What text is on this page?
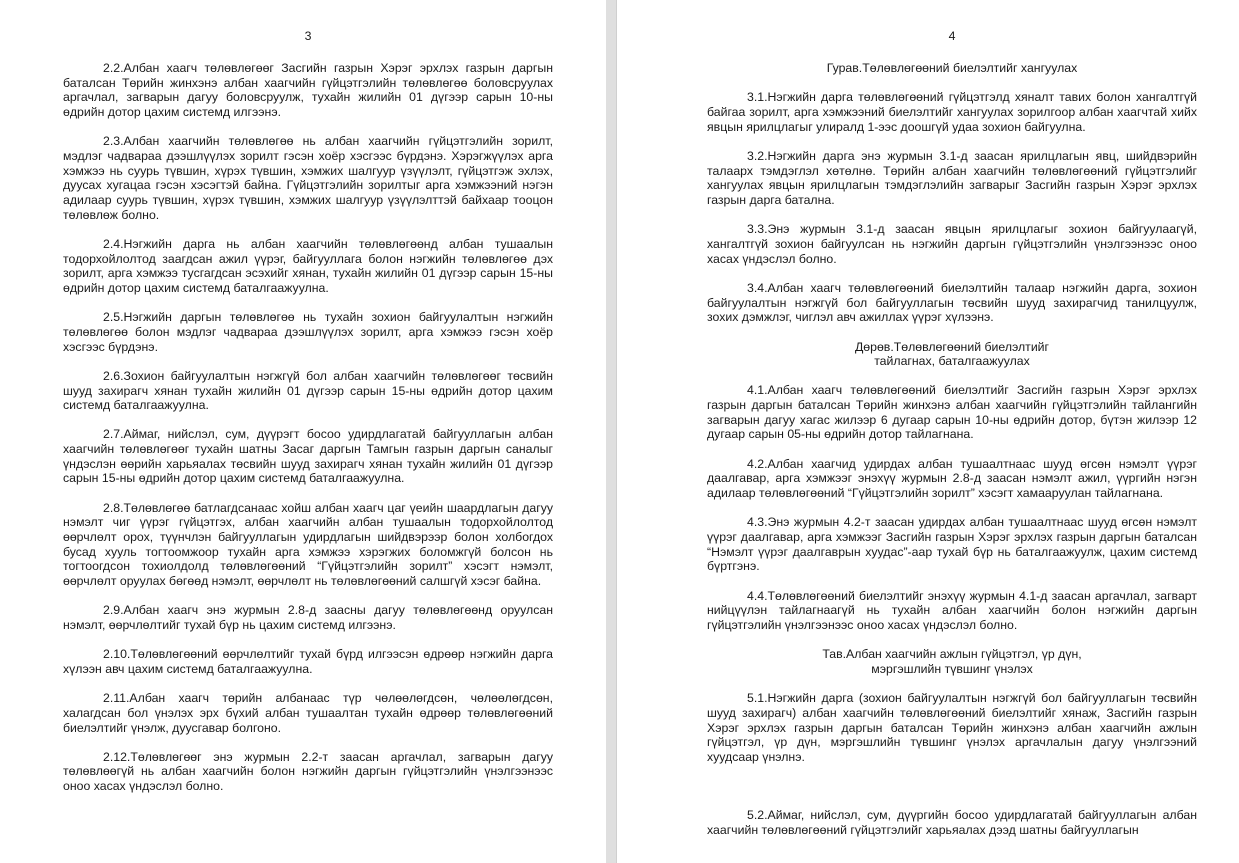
3

2.2.Албан хаагч төлөвлөгөөг Засгийн газрын Хэрэг эрхлэх газрын даргын баталсан Төрийн жинхэнэ албан хаагчийн гүйцэтгэлийн төлөвлөгөө боловсруулах аргачлал, загварын дагуу боловсруулж, тухайн жилийн 01 дүгээр сарын 10-ны өдрийн дотор цахим системд илгээнэ.

2.3.Албан хаагчийн төлөвлөгөө нь албан хаагчийн гүйцэтгэлийн зорилт, мэдлэг чадвараа дээшлүүлэх зорилт гэсэн хоёр хэсгээс бүрдэнэ. Хэрэгжүүлэх арга хэмжээ нь суурь түвшин, хүрэх түвшин, хэмжих шалгуур үзүүлэлт, гүйцэтгэж эхлэх, дуусах хугацаа гэсэн хэсэгтэй байна. Гүйцэтгэлийн зорилтыг арга хэмжээний нэгэн адилаар суурь түвшин, хүрэх түвшин, хэмжих шалгуур үзүүлэлттэй байхаар тооцон төлөвлөж болно.

2.4.Нэгжийн дарга нь албан хаагчийн төлөвлөгөөнд албан тушаалын тодорхойлолтод заагдсан ажил үүрэг, байгууллага болон нэгжийн төлөвлөгөө дэх зорилт, арга хэмжээ тусгагдсан эсэхийг хянан, тухайн жилийн 01 дүгээр сарын 15-ны өдрийн дотор цахим системд баталгаажуулна.

2.5.Нэгжийн даргын төлөвлөгөө нь тухайн зохион байгуулалтын нэгжийн төлөвлөгөө болон мэдлэг чадвараа дээшлүүлэх зорилт, арга хэмжээ гэсэн хоёр хэсгээс бүрдэнэ.

2.6.Зохион байгуулалтын нэгжгүй бол албан хаагчийн төлөвлөгөөг төсвийн шууд захирагч хянан тухайн жилийн 01 дүгээр сарын 15-ны өдрийн дотор цахим системд баталгаажуулна.

2.7.Аймаг, нийслэл, сум, дүүрэгт босоо удирдлагатай байгууллагын албан хаагчийн төлөвлөгөөг тухайн шатны Засаг даргын Тамгын газрын даргын саналыг үндэслэн өөрийн харьяалах төсвийн шууд захирагч хянан тухайн жилийн 01 дүгээр сарын 15-ны өдрийн дотор цахим системд баталгаажуулна.

2.8.Төлөвлөгөө батлагдсанаас хойш албан хаагч цаг үеийн шаардлагын дагуу нэмэлт чиг үүрэг гүйцэтгэх, албан хаагчийн албан тушаалын тодорхойлолтод өөрчлөлт орох, түүнчлэн байгууллагын удирдлагын шийдвэрээр болон холбогдох бусад хууль тогтоомжоор тухайн арга хэмжээ хэрэгжих боломжгүй болсон нь тогтоогдсон тохиолдолд төлөвлөгөөний “Гүйцэтгэлийн зорилт” хэсэгт нэмэлт, өөрчлөлт оруулах бөгөөд нэмэлт, өөрчлөлт нь төлөвлөгөөний салшгүй хэсэг байна.

2.9.Албан хаагч энэ журмын 2.8-д заасны дагуу төлөвлөгөөнд оруулсан нэмэлт, өөрчлөлтийг тухай бүр нь цахим системд илгээнэ.

2.10.Төлөвлөгөөний өөрчлөлтийг тухай бүрд илгээсэн өдрөөр нэгжийн дарга хүлээн авч цахим системд баталгаажуулна.

2.11.Албан хаагч төрийн албанаас түр чөлөөлөгдсөн, чөлөөлөгдсөн, халагдсан бол үнэлэх эрх бүхий албан тушаалтан тухайн өдрөөр төлөвлөгөөний биелэлтийг үнэлж, дуусгавар болгоно.

2.12.Төлөвлөгөөг энэ журмын 2.2-т заасан аргачлал, загварын дагуу төлөвлөөгүй нь албан хаагчийн болон нэгжийн даргын гүйцэтгэлийн үнэлгээнээс оноо хасах үндэслэл болно.

4
Гурав.Төлөвлөгөөний биелэлтийг хангуулах

3.1.Нэгжийн дарга төлөвлөгөөний гүйцэтгэлд хяналт тавих болон хангалтгүй байгаа зорилт, арга хэмжээний биелэлтийг хангуулах зорилгоор албан хаагчтай хийх явцын ярилцлагыг улиралд 1-ээс доошгүй удаа зохион байгуулна.

3.2.Нэгжийн дарга энэ журмын 3.1-д заасан ярилцлагын явц, шийдвэрийн талаарх тэмдэглэл хөтөлнө. Төрийн албан хаагчийн төлөвлөгөөний гүйцэтгэлийг хангуулах явцын ярилцлагын тэмдэглэлийн загварыг Засгийн газрын Хэрэг эрхлэх газрын дарга батална.

3.3.Энэ журмын 3.1-д заасан явцын ярилцлагыг зохион байгуулаагүй, хангалтгүй зохион байгуулсан нь нэгжийн даргын гүйцэтгэлийн үнэлгээнээс оноо хасах үндэслэл болно.

3.4.Албан хаагч төлөвлөгөөний биелэлтийн талаар нэгжийн дарга, зохион байгуулалтын нэгжгүй бол байгууллагын төсвийн шууд захирагчид танилцуулж, зохих дэмжлэг, чиглэл авч ажиллах үүрэг хүлээнэ.

Дөрөв.Төлөвлөгөөний биелэлтийг
тайлагнах, баталгаажуулах

4.1.Албан хаагч төлөвлөгөөний биелэлтийг Засгийн газрын Хэрэг эрхлэх газрын даргын баталсан Төрийн жинхэнэ албан хаагчийн гүйцэтгэлийн тайлангийн загварын дагуу хагас жилээр 6 дугаар сарын 10-ны өдрийн дотор, бүтэн жилээр 12 дугаар сарын 05-ны өдрийн дотор тайлагнана.

4.2.Албан хаагчид удирдах албан тушаалтнаас шууд өгсөн нэмэлт үүрэг даалгавар, арга хэмжээг энэхүү журмын 2.8-д заасан нэмэлт ажил, үүргийн нэгэн адилаар төлөвлөгөөний “Гүйцэтгэлийн зорилт” хэсэгт хамааруулан тайлагнана.

4.3.Энэ журмын 4.2-т заасан удирдах албан тушаалтнаас шууд өгсөн нэмэлт үүрэг даалгавар, арга хэмжээг Засгийн газрын Хэрэг эрхлэх газрын даргын баталсан “Нэмэлт үүрэг даалгаврын хуудас”-аар тухай бүр нь баталгаажуулж, цахим системд бүртгэнэ.

4.4.Төлөвлөгөөний биелэлтийг энэхүү журмын 4.1-д заасан аргачлал, загварт нийцүүлэн тайлагнаагүй нь тухайн албан хаагчийн болон нэгжийн даргын гүйцэтгэлийн үнэлгээнээс оноо хасах үндэслэл болно.

Тав.Албан хаагчийн ажлын гүйцэтгэл, үр дүн,
мэргэшлийн түвшинг үнэлэх

5.1.Нэгжийн дарга (зохион байгуулалтын нэгжгүй бол байгууллагын төсвийн шууд захирагч) албан хаагчийн төлөвлөгөөний биелэлтийг хянаж, Засгийн газрын Хэрэг эрхлэх газрын даргын баталсан Төрийн жинхэнэ албан хаагчийн ажлын гүйцэтгэл, үр дүн, мэргэшлийн түвшинг үнэлэх аргачлалын дагуу үнэлгээний хуудсаар үнэлнэ.

5.2.Аймаг, нийслэл, сум, дүүргийн босоо удирдлагатай байгууллагын албан хаагчийн төлөвлөгөөний гүйцэтгэлийг харьяалах дээд шатны байгууллагын
